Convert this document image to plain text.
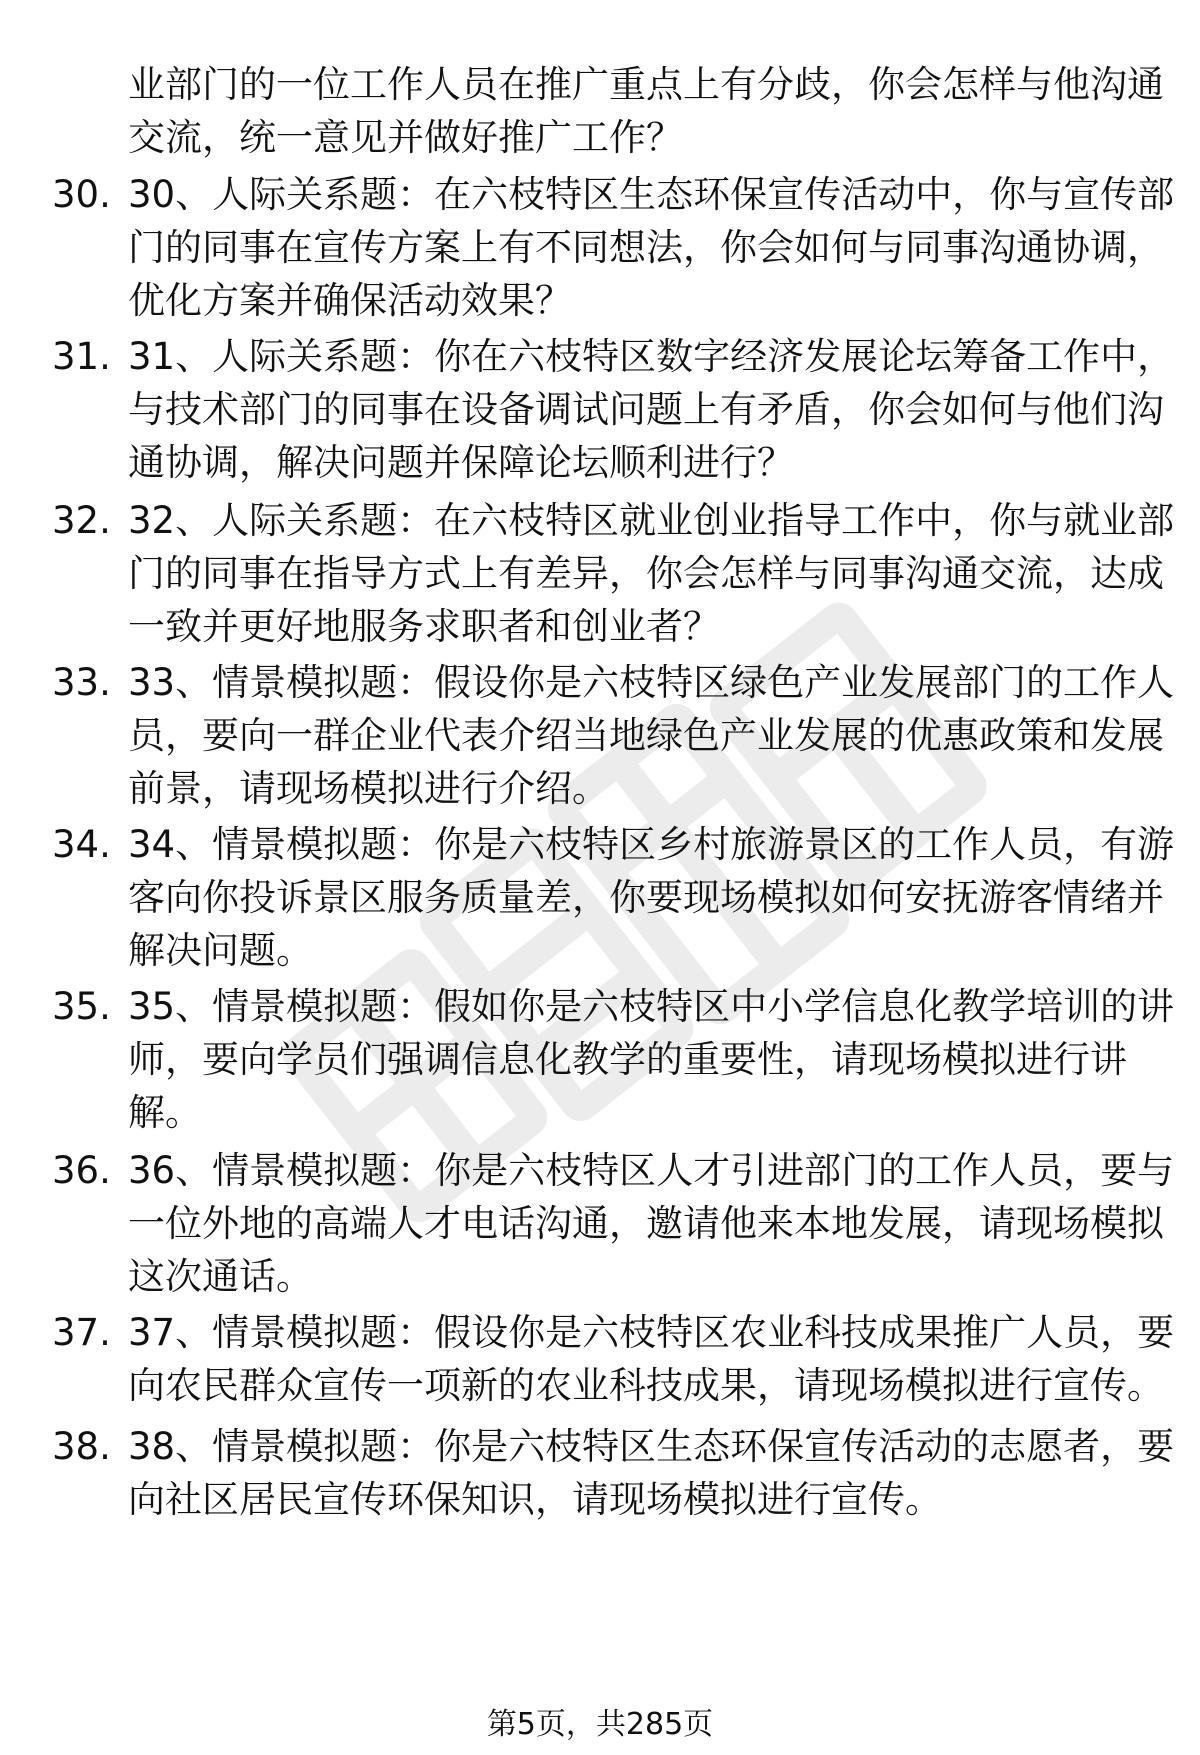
业部门的一位工作人员在推广重点上有分歧，你会怎样与他沟通
交流，统一意见并做好推广工作？
30. 30、人际关系题：在六枝特区生态环保宣传活动中，你与宣传部
门的同事在宣传方案上有不同想法，你会如何与同事沟通协调，
优化方案并确保活动效果？
31. 31、人际关系题：你在六枝特区数字经济发展论坛筹备工作中，
与技术部门的同事在设备调试问题上有矛盾，你会如何与他们沟
通协调，解决问题并保障论坛顺利进行？
32. 32、人际关系题：在六枝特区就业创业指导工作中，你与就业部
门的同事在指导方式上有差异，你会怎样与同事沟通交流，达成
一致并更好地服务求职者和创业者？
33. 33、情景模拟题：假设你是六枝特区绿色产业发展部门的工作人
员，要向一群企业代表介绍当地绿色产业发展的优惠政策和发展
前景，请现场模拟进行介绍。
34. 34、情景模拟题：你是六枝特区乡村旅游景区的工作人员，有游
客向你投诉景区服务质量差，你要现场模拟如何安抚游客情绪并
解决问题。
35. 35、情景模拟题：假如你是六枝特区中小学信息化教学培训的讲
师，要向学员们强调信息化教学的重要性，请现场模拟进行讲
解。
36. 36、情景模拟题：你是六枝特区人才引进部门的工作人员，要与
一位外地的高端人才电话沟通，邀请他来本地发展，请现场模拟
这次通话。
37. 37、情景模拟题：假设你是六枝特区农业科技成果推广人员，要
向农民群众宣传一项新的农业科技成果，请现场模拟进行宣传。
38. 38、情景模拟题：你是六枝特区生态环保宣传活动的志愿者，要
向社区居民宣传环保知识，请现场模拟进行宣传。
第5页，共285页
